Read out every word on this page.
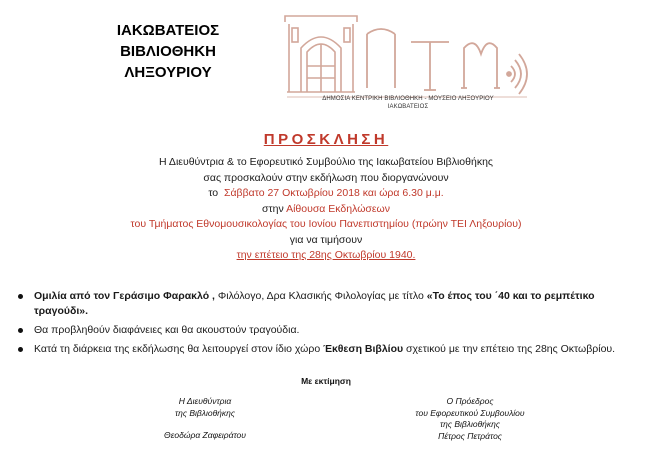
ΙΑΚΩΒΑΤΕΙΟΣ
ΒΙΒΛΙΟΘΗΚΗ
ΛΗΞΟΥΡΙΟΥ
ΔΗΜΟΣΙΑ ΚΕΝΤΡΙΚΗ ΒΙΒΛΙΟΘΗΚΗ - ΜΟΥΣΕΙΟ ΛΗΞΟΥΡΙΟΥ
ΙΑΚΩΒΑΤΕΙΟΣ
ΠΡΟΣΚΛΗΣΗ
Η Διευθύντρια & το Εφορευτικό Συμβούλιο της Ιακωβατείου Βιβλιοθήκης
σας προσκαλούν στην εκδήλωση που διοργανώνουν
το Σάββατο 27 Οκτωβρίου 2018 και ώρα 6.30 μ.μ.
στην Αίθουσα Εκδηλώσεων
του Τμήματος Εθνομουσικολογίας του Ιονίου Πανεπιστημίου (πρώην ΤΕΙ Ληξουρίου)
για να τιμήσουν
την επέτειο της 28ης Οκτωβρίου 1940.
Ομιλία από τον Γεράσιμο Φαρακλό , Φιλόλογο, Δρα Κλασικής Φιλολογίας με τίτλο «Το έπος του ΄40 και το ρεμπέτικο τραγούδι».
Θα προβληθούν διαφάνειες και θα ακουστούν τραγούδια.
Κατά τη διάρκεια της εκδήλωσης θα λειτουργεί στον ίδιο χώρο Έκθεση Βιβλίου σχετικού με την επέτειο της 28ης Οκτωβρίου.
Με εκτίμηση
Η Διευθύντρια
της Βιβλιοθήκης
Θεοδώρα Ζαφειράτου
Ο Πρόεδρος
του Εφορευτικού Συμβουλίου
της Βιβλιοθήκης
Πέτρος Πετράτος
